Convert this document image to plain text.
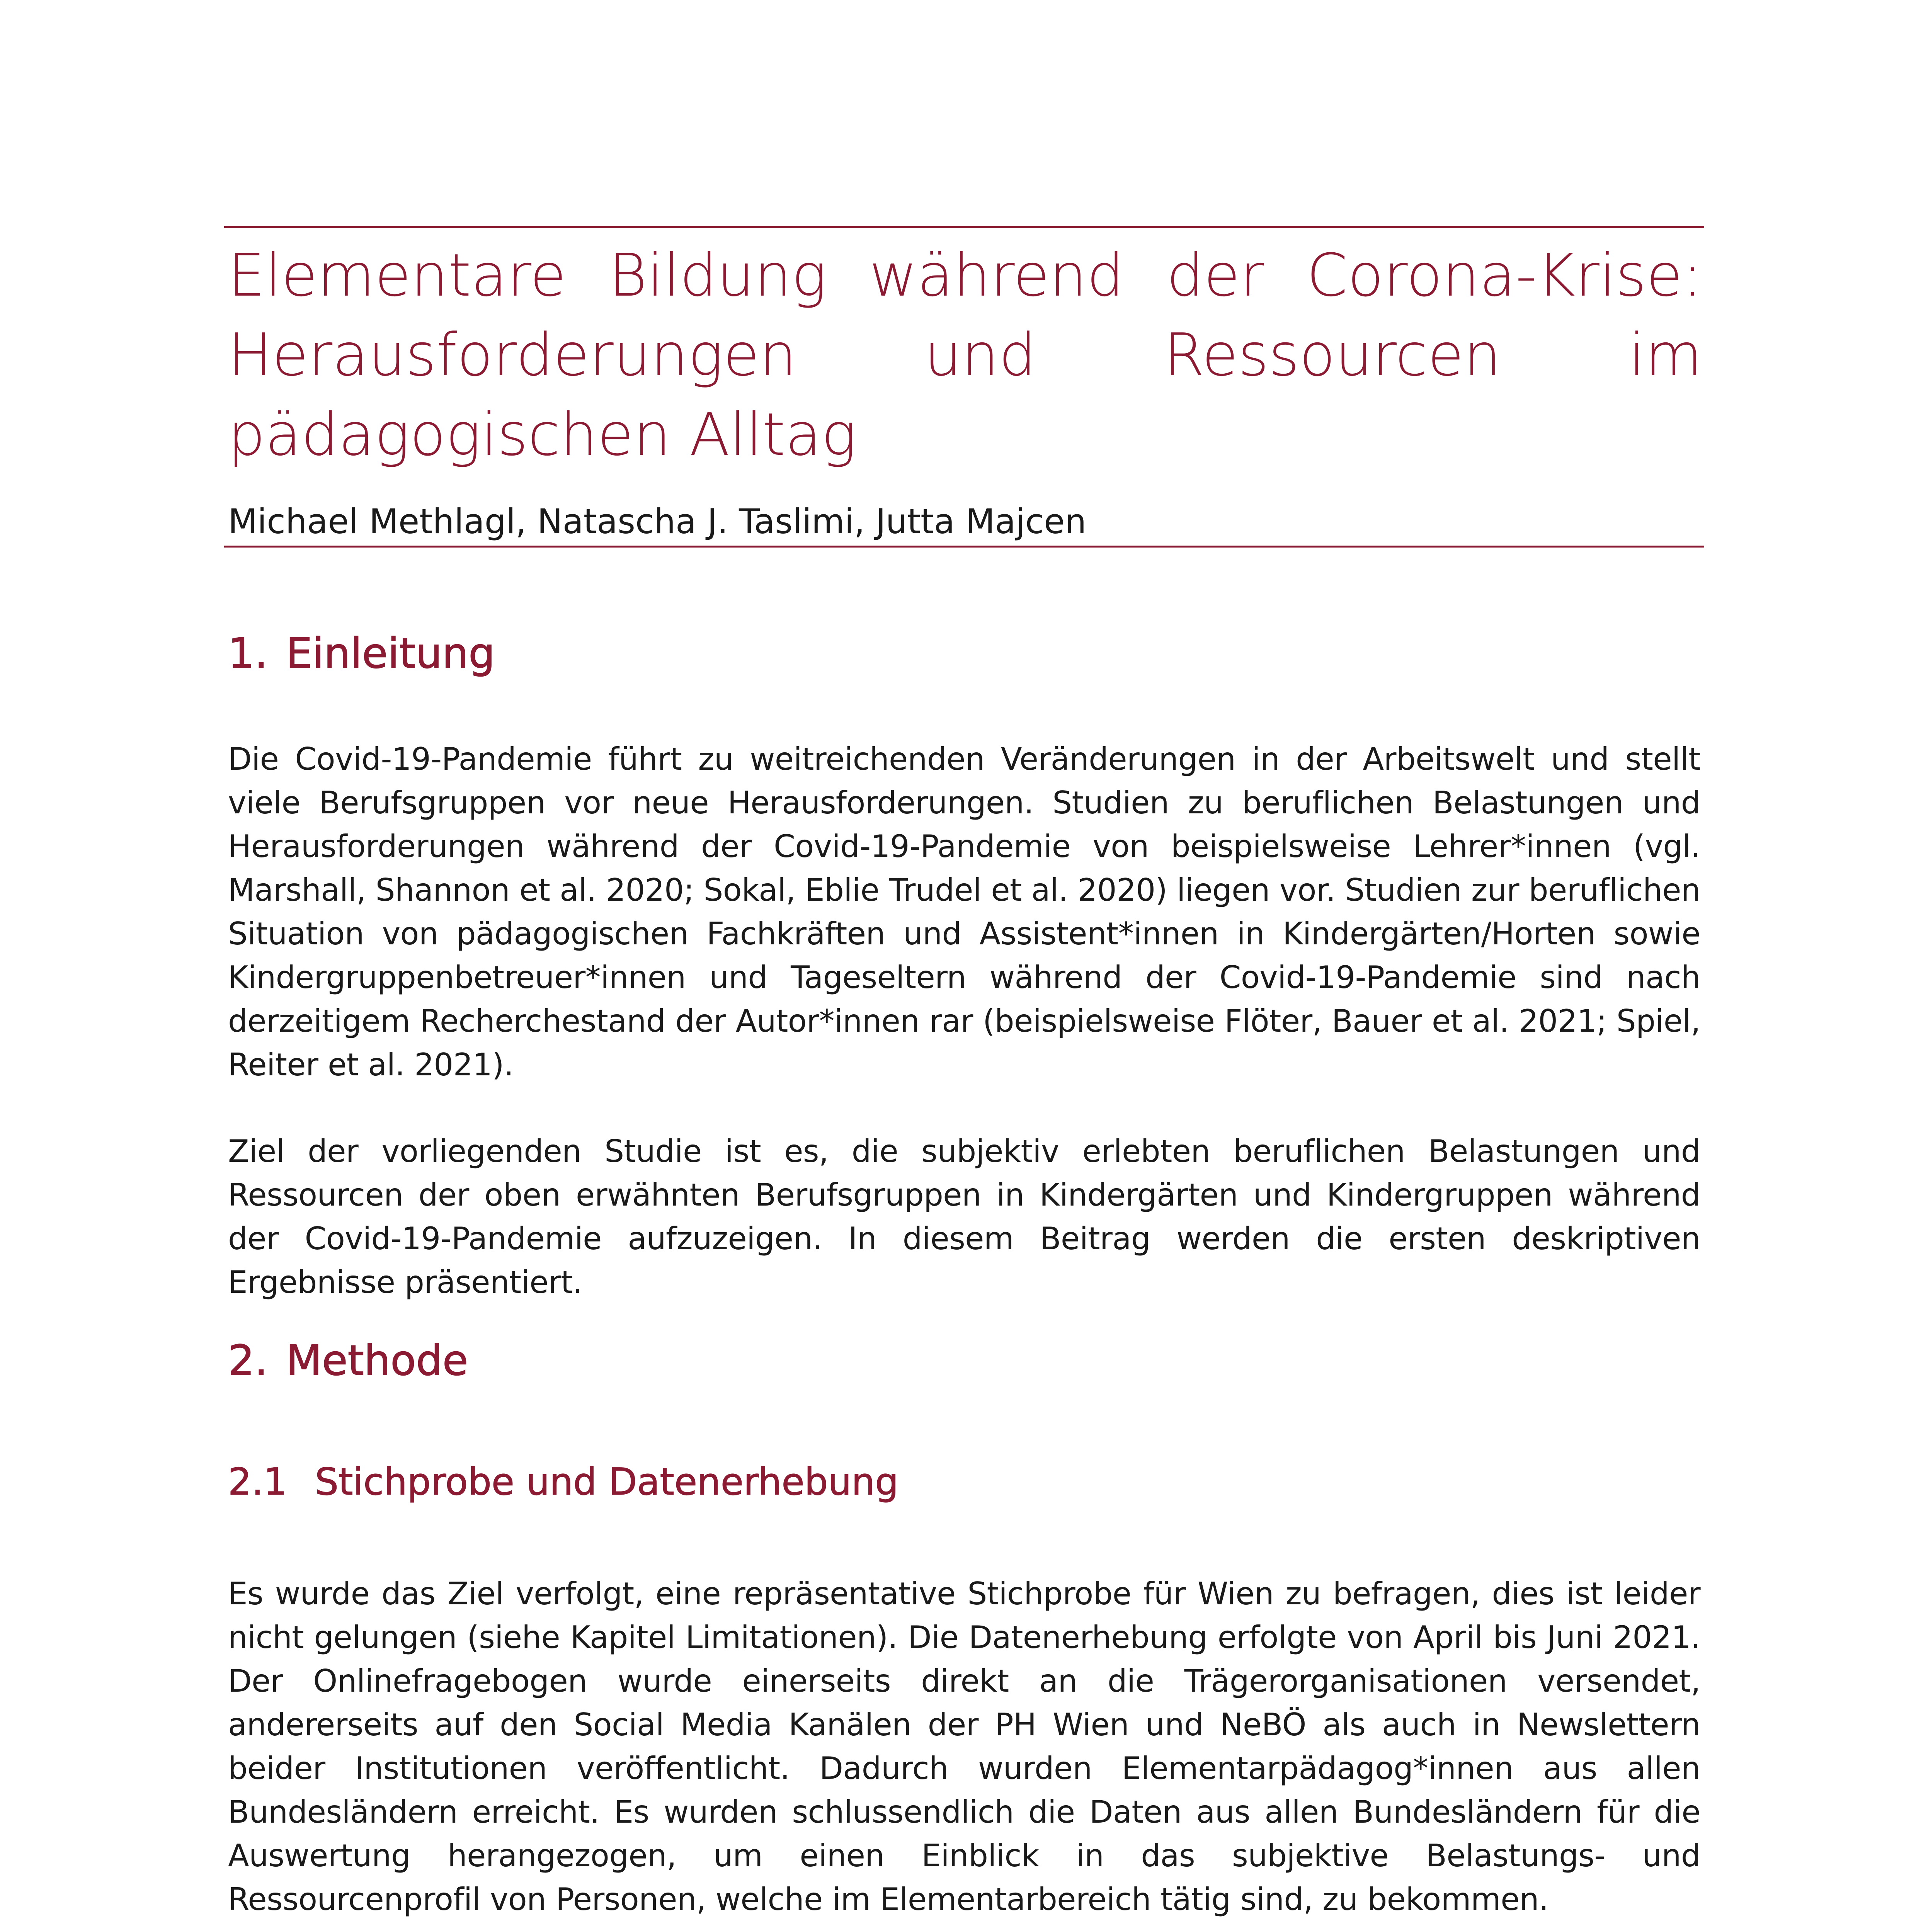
Elementare Bildung während der Corona-Krise: Herausforderungen und Ressourcen im pädagogischen Alltag
Michael Methlagl, Natascha J. Taslimi, Jutta Majcen
1. Einleitung

Die Covid-19-Pandemie führt zu weitreichenden Veränderungen in der Arbeitswelt und stellt viele Berufsgruppen vor neue Herausforderungen. Studien zu beruflichen Belastungen und Herausforderungen während der Covid-19-Pandemie von beispielsweise Lehrer*innen (vgl. Marshall, Shannon et al. 2020; Sokal, Eblie Trudel et al. 2020) liegen vor. Studien zur beruflichen Situation von pädagogischen Fachkräften und Assistent*innen in Kindergärten/Horten sowie Kindergruppenbetreuer*innen und Tageseltern während der Covid-19-Pandemie sind nach derzeitigem Recherchestand der Autor*innen rar (beispielsweise Flöter, Bauer et al. 2021; Spiel, Reiter et al. 2021).

Ziel der vorliegenden Studie ist es, die subjektiv erlebten beruflichen Belastungen und Ressourcen der oben erwähnten Berufsgruppen in Kindergärten und Kindergruppen während der Covid-19-Pandemie aufzuzeigen. In diesem Beitrag werden die ersten deskriptiven Ergebnisse präsentiert.

2. Methode
2.1 Stichprobe und Datenerhebung

Es wurde das Ziel verfolgt, eine repräsentative Stichprobe für Wien zu befragen, dies ist leider nicht gelungen (siehe Kapitel Limitationen). Die Datenerhebung erfolgte von April bis Juni 2021. Der Onlinefragebogen wurde einerseits direkt an die Trägerorganisationen versendet, andererseits auf den Social Media Kanälen der PH Wien und NeBÖ als auch in Newslettern beider Institutionen veröffentlicht. Dadurch wurden Elementarpädagog*innen aus allen Bundesländern erreicht. Es wurden schlussendlich die Daten aus allen Bundesländern für die Auswertung herangezogen, um einen Einblick in das subjektive Belastungs- und Ressourcenprofil von Personen, welche im Elementarbereich tätig sind, zu bekommen.
